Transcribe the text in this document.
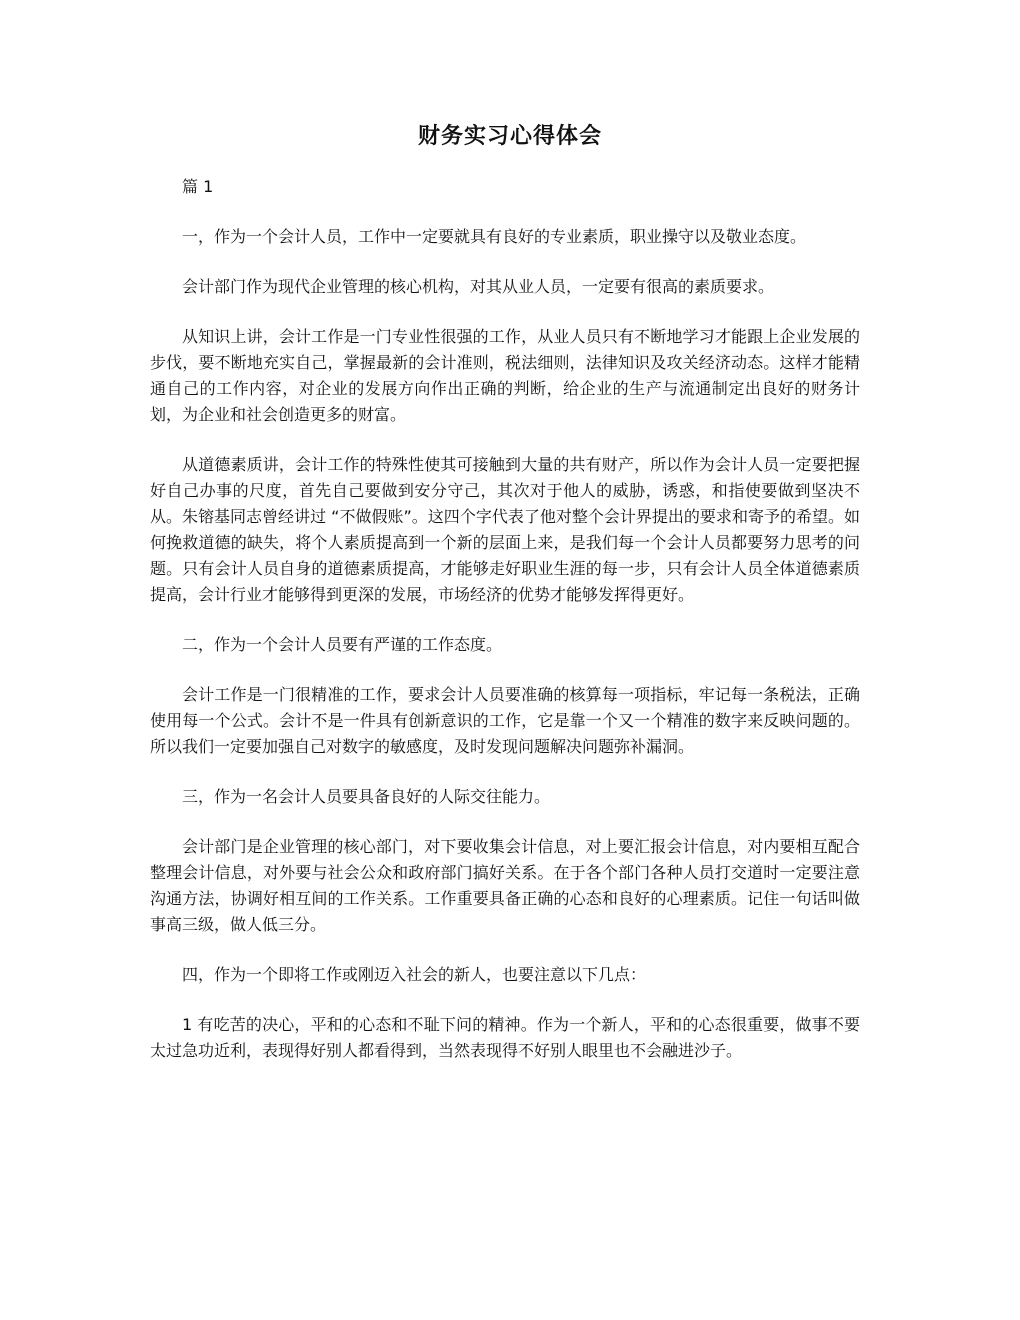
财务实习心得体会

篇 1

一，作为一个会计人员，工作中一定要就具有良好的专业素质，职业操守以及敬业态度。

会计部门作为现代企业管理的核心机构，对其从业人员，一定要有很高的素质要求。

从知识上讲，会计工作是一门专业性很强的工作，从业人员只有不断地学习才能跟上企业发展的步伐，要不断地充实自己，掌握最新的会计准则，税法细则，法律知识及攻关经济动态。这样才能精通自己的工作内容，对企业的发展方向作出正确的判断，给企业的生产与流通制定出良好的财务计划，为企业和社会创造更多的财富。

从道德素质讲，会计工作的特殊性使其可接触到大量的共有财产，所以作为会计人员一定要把握好自己办事的尺度，首先自己要做到安分守己，其次对于他人的威胁，诱惑，和指使要做到坚决不从。朱镕基同志曾经讲过 “不做假账”。这四个字代表了他对整个会计界提出的要求和寄予的希望。如何挽救道德的缺失，将个人素质提高到一个新的层面上来，是我们每一个会计人员都要努力思考的问题。只有会计人员自身的道德素质提高，才能够走好职业生涯的每一步，只有会计人员全体道德素质提高，会计行业才能够得到更深的发展，市场经济的优势才能够发挥得更好。

二，作为一个会计人员要有严谨的工作态度。

会计工作是一门很精准的工作，要求会计人员要准确的核算每一项指标，牢记每一条税法，正确使用每一个公式。会计不是一件具有创新意识的工作，它是靠一个又一个精准的数字来反映问题的。所以我们一定要加强自己对数字的敏感度，及时发现问题解决问题弥补漏洞。

三，作为一名会计人员要具备良好的人际交往能力。

会计部门是企业管理的核心部门，对下要收集会计信息，对上要汇报会计信息，对内要相互配合整理会计信息，对外要与社会公众和政府部门搞好关系。在于各个部门各种人员打交道时一定要注意沟通方法，协调好相互间的工作关系。工作重要具备正确的心态和良好的心理素质。记住一句话叫做事高三级，做人低三分。

四，作为一个即将工作或刚迈入社会的新人，也要注意以下几点：

1 有吃苦的决心，平和的心态和不耻下问的精神。作为一个新人，平和的心态很重要，做事不要太过急功近利，表现得好别人都看得到，当然表现得不好别人眼里也不会融进沙子。
